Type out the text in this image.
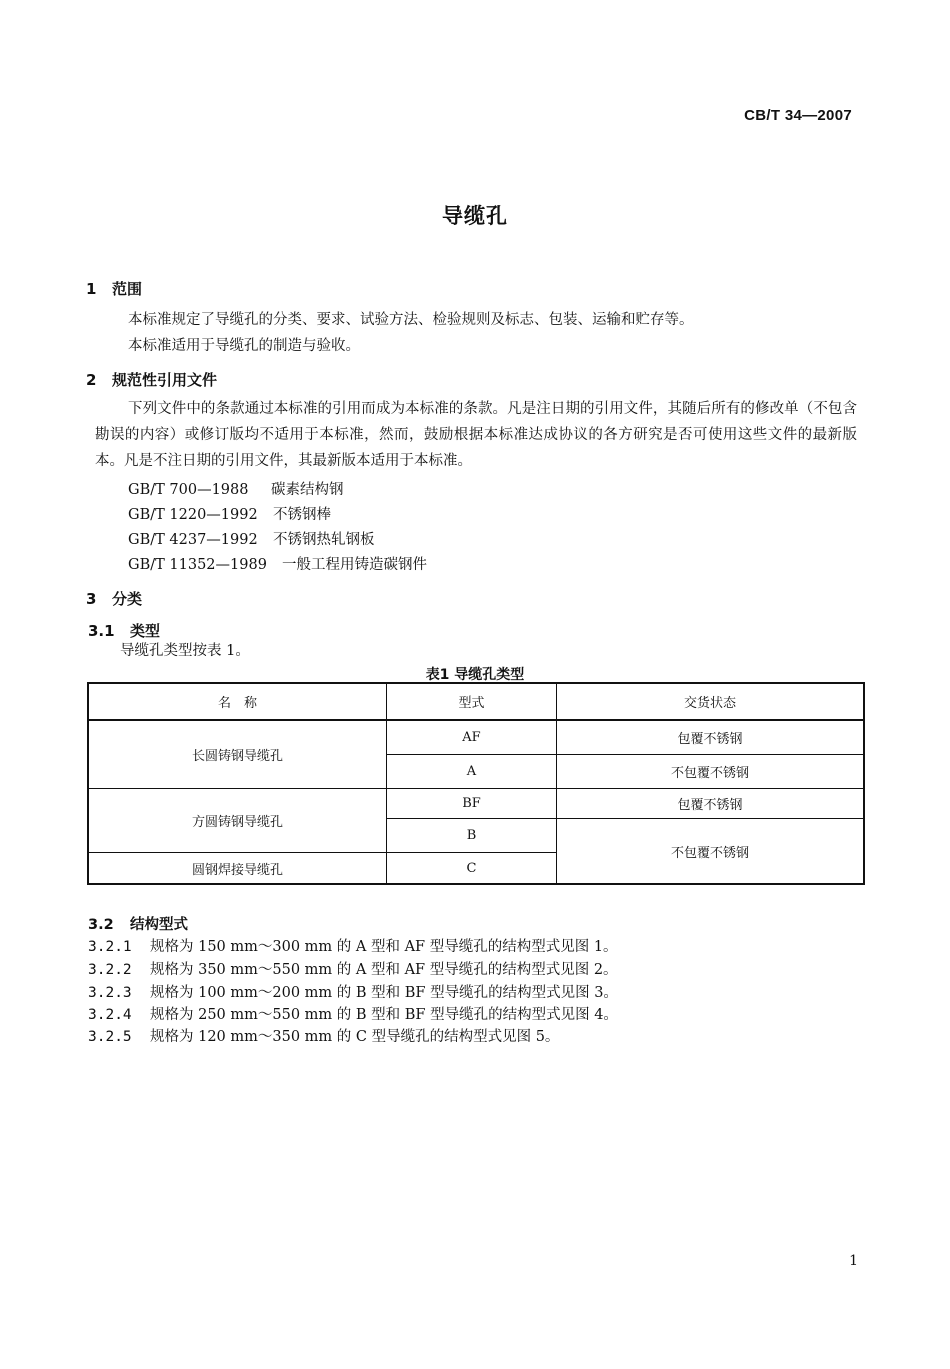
CB/T 34—2007
导缆孔
1 范围
本标准规定了导缆孔的分类、要求、试验方法、检验规则及标志、包装、运输和贮存等。
本标准适用于导缆孔的制造与验收。
2 规范性引用文件
下列文件中的条款通过本标准的引用而成为本标准的条款。凡是注日期的引用文件，其随后所有的修改单（不包含勘误的内容）或修订版均不适用于本标准，然而，鼓励根据本标准达成协议的各方研究是否可使用这些文件的最新版本。凡是不注日期的引用文件，其最新版本适用于本标准。
GB/T 700—1988 碳素结构钢
GB/T 1220—1992 不锈钢棒
GB/T 4237—1992 不锈钢热轧钢板
GB/T 11352—1989 一般工程用铸造碳钢件
3 分类
3.1 类型
导缆孔类型按表 1。
表1 导缆孔类型
名　称	型式	交货状态
长圆铸钢导缆孔
方圆铸钢导缆孔
圆钢焊接导缆孔
AF
A
BF
B
C
包覆不锈钢
不包覆不锈钢
包覆不锈钢
不包覆不锈钢
3.2 结构型式
3.2.1 规格为 150 mm～300 mm 的 A 型和 AF 型导缆孔的结构型式见图 1。
3.2.2 规格为 350 mm～550 mm 的 A 型和 AF 型导缆孔的结构型式见图 2。
3.2.3 规格为 100 mm～200 mm 的 B 型和 BF 型导缆孔的结构型式见图 3。
3.2.4 规格为 250 mm～550 mm 的 B 型和 BF 型导缆孔的结构型式见图 4。
3.2.5 规格为 120 mm～350 mm 的 C 型导缆孔的结构型式见图 5。
1
